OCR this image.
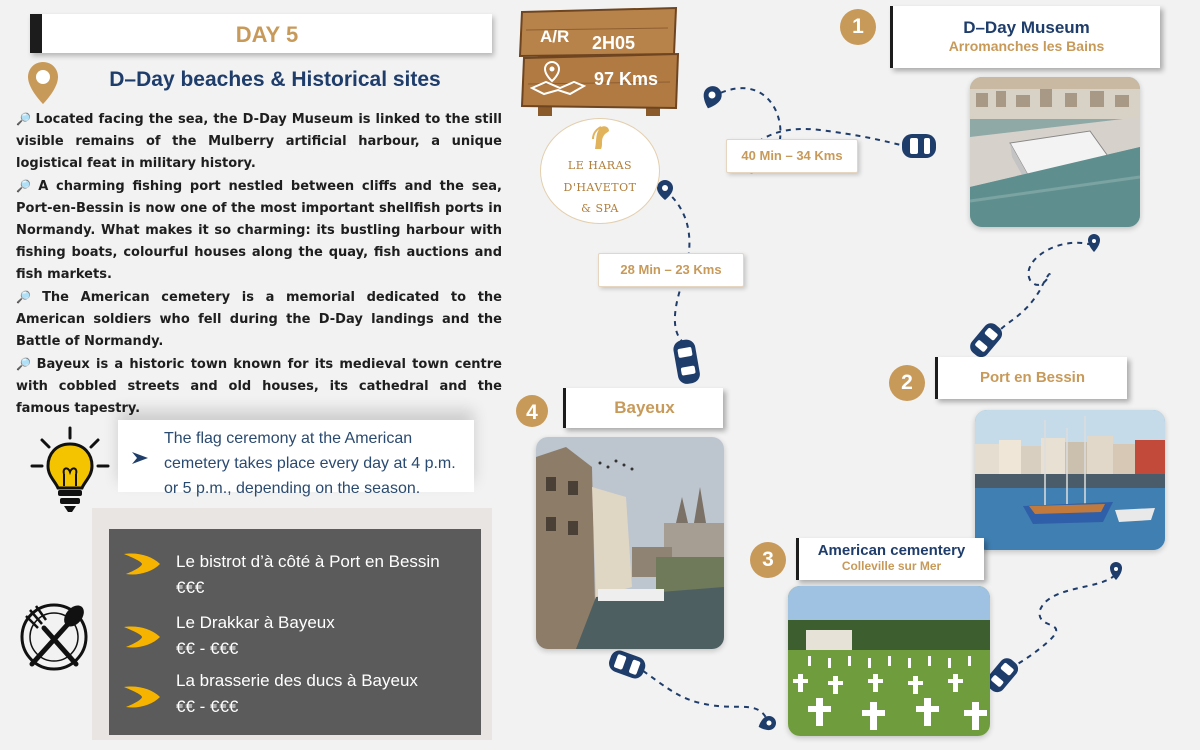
DAY 5
D–Day beaches & Historical sites

🔎 Located facing the sea, the D-Day Museum is linked to the still visible remains of the Mulberry artificial harbour, a unique logistical feat in military history.

🔎 A charming fishing port nestled between cliffs and the sea, Port-en-Bessin is now one of the most important shellfish ports in Normandy. What makes it so charming: its bustling harbour with fishing boats, colourful houses along the quay, fish auctions and fish markets.

🔎 The American cemetery is a memorial dedicated to the American soldiers who fell during the D-Day landings and the Battle of Normandy.

🔎 Bayeux is a historic town known for its medieval town centre with cobbled streets and old houses, its cathedral and the famous tapestry.

The flag ceremony at the American cemetery takes place every day at 4 p.m. or 5 p.m., depending on the season.
Le bistrot d’à côté à Port en Bessin
€€€
Le Drakkar à Bayeux
€€ - €€€
La brasserie des ducs à Bayeux
€€ - €€€
A/R 2H05
97 Kms
LE HARAS
D'HAVETOT
& SPA
40 Min – 34 Kms
28 Min – 23 Kms
1	D–Day Museum
Arromanches les Bains
2	Port en Bessin
3	American cementery
Colleville sur Mer
4	Bayeux
